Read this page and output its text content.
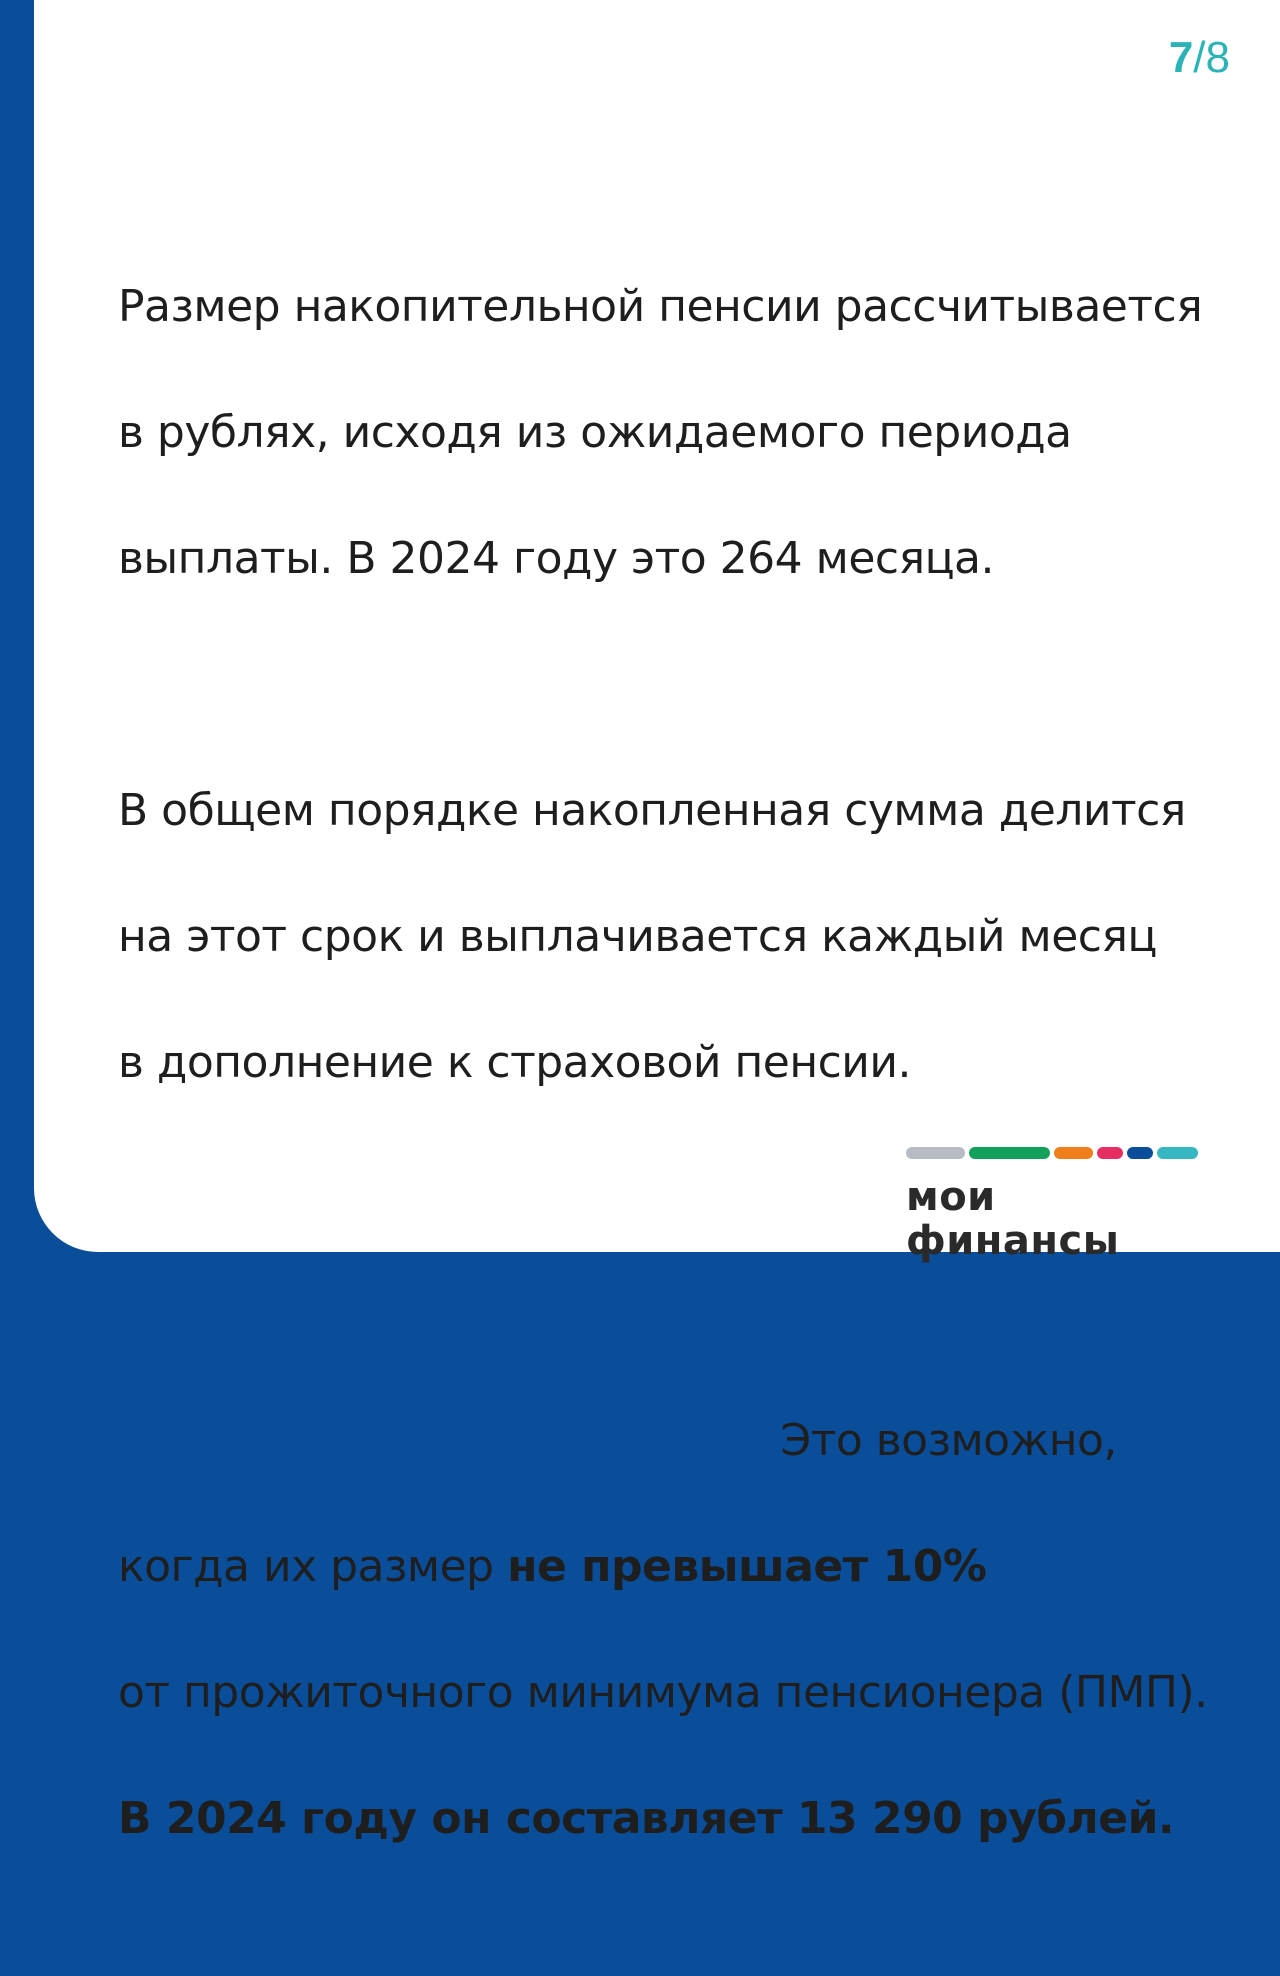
7/8

Размер накопительной пенсии рассчитывается

в рублях, исходя из ожидаемого периода

выплаты. В 2024 году это 264 месяца.

В общем порядке накопленная сумма делится

на этот срок и выплачивается каждый месяц

в дополнение к страховой пенсии.

Есть условие, при котором можно забрать

накопления единой суммой. Это возможно,

когда их размер не превышает 10%

от прожиточного минимума пенсионера (ПМП).

В 2024 году он составляет 13 290 рублей.

мои финансы
